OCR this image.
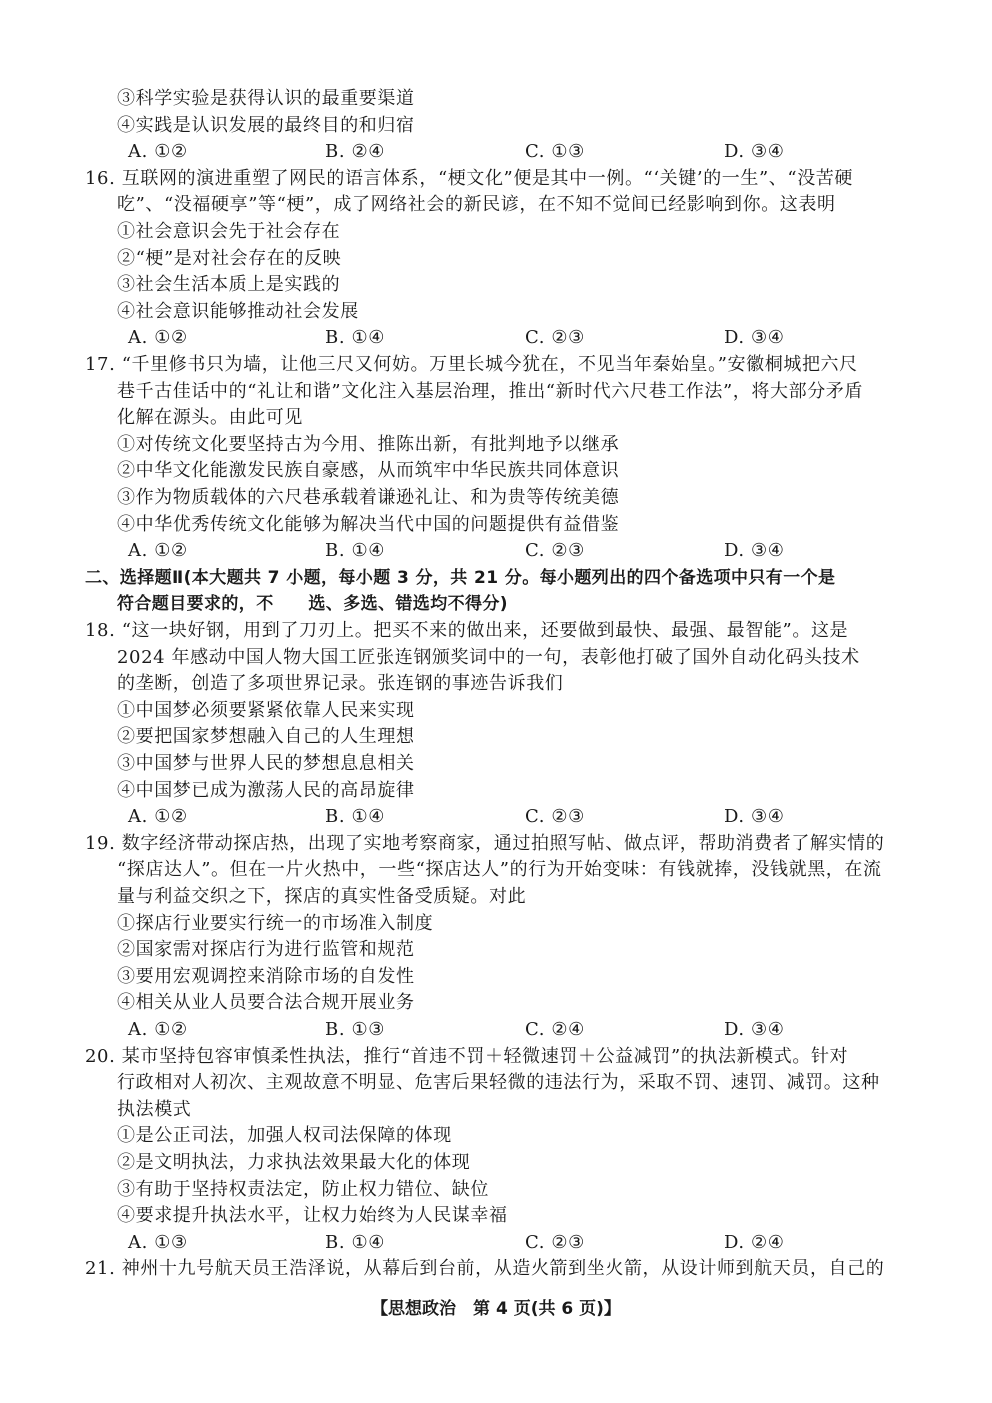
③科学实验是获得认识的最重要渠道
④实践是认识发展的最终目的和归宿
A. ①②	B. ②④	C. ①③	D. ③④
16. 互联网的演进重塑了网民的语言体系，“梗文化”便是其中一例。“‘关键’的一生”、“没苦硬
吃”、“没福硬享”等“梗”，成了网络社会的新民谚，在不知不觉间已经影响到你。这表明
①社会意识会先于社会存在
②“梗”是对社会存在的反映
③社会生活本质上是实践的
④社会意识能够推动社会发展
A. ①②	B. ①④	C. ②③	D. ③④
17. “千里修书只为墙，让他三尺又何妨。万里长城今犹在，不见当年秦始皇。”安徽桐城把六尺
巷千古佳话中的“礼让和谐”文化注入基层治理，推出“新时代六尺巷工作法”，将大部分矛盾
化解在源头。由此可见
①对传统文化要坚持古为今用、推陈出新，有批判地予以继承
②中华文化能激发民族自豪感，从而筑牢中华民族共同体意识
③作为物质载体的六尺巷承载着谦逊礼让、和为贵等传统美德
④中华优秀传统文化能够为解决当代中国的问题提供有益借鉴
A. ①②	B. ①④	C. ②③	D. ③④
二、选择题Ⅱ(本大题共 7 小题，每小题 3 分，共 21 分。每小题列出的四个备选项中只有一个是
符合题目要求的，不　　选、多选、错选均不得分)
18. “这一块好钢，用到了刀刃上。把买不来的做出来，还要做到最快、最强、最智能”。这是
2024 年感动中国人物大国工匠张连钢颁奖词中的一句，表彰他打破了国外自动化码头技术
的垄断，创造了多项世界记录。张连钢的事迹告诉我们
①中国梦必须要紧紧依靠人民来实现
②要把国家梦想融入自己的人生理想
③中国梦与世界人民的梦想息息相关
④中国梦已成为激荡人民的高昂旋律
A. ①②	B. ①④	C. ②③	D. ③④
19. 数字经济带动探店热，出现了实地考察商家，通过拍照写帖、做点评，帮助消费者了解实情的
“探店达人”。但在一片火热中，一些“探店达人”的行为开始变味：有钱就捧，没钱就黑，在流
量与利益交织之下，探店的真实性备受质疑。对此
①探店行业要实行统一的市场准入制度
②国家需对探店行为进行监管和规范
③要用宏观调控来消除市场的自发性
④相关从业人员要合法合规开展业务
A. ①②	B. ①③	C. ②④	D. ③④
20. 某市坚持包容审慎柔性执法，推行“首违不罚＋轻微速罚＋公益减罚”的执法新模式。针对
行政相对人初次、主观故意不明显、危害后果轻微的违法行为，采取不罚、速罚、减罚。这种
执法模式
①是公正司法，加强人权司法保障的体现
②是文明执法，力求执法效果最大化的体现
③有助于坚持权责法定，防止权力错位、缺位
④要求提升执法水平，让权力始终为人民谋幸福
A. ①③	B. ①④	C. ②③	D. ②④
21. 神州十九号航天员王浩泽说，从幕后到台前，从造火箭到坐火箭，从设计师到航天员，自己的
【思想政治　第 4 页(共 6 页)】
